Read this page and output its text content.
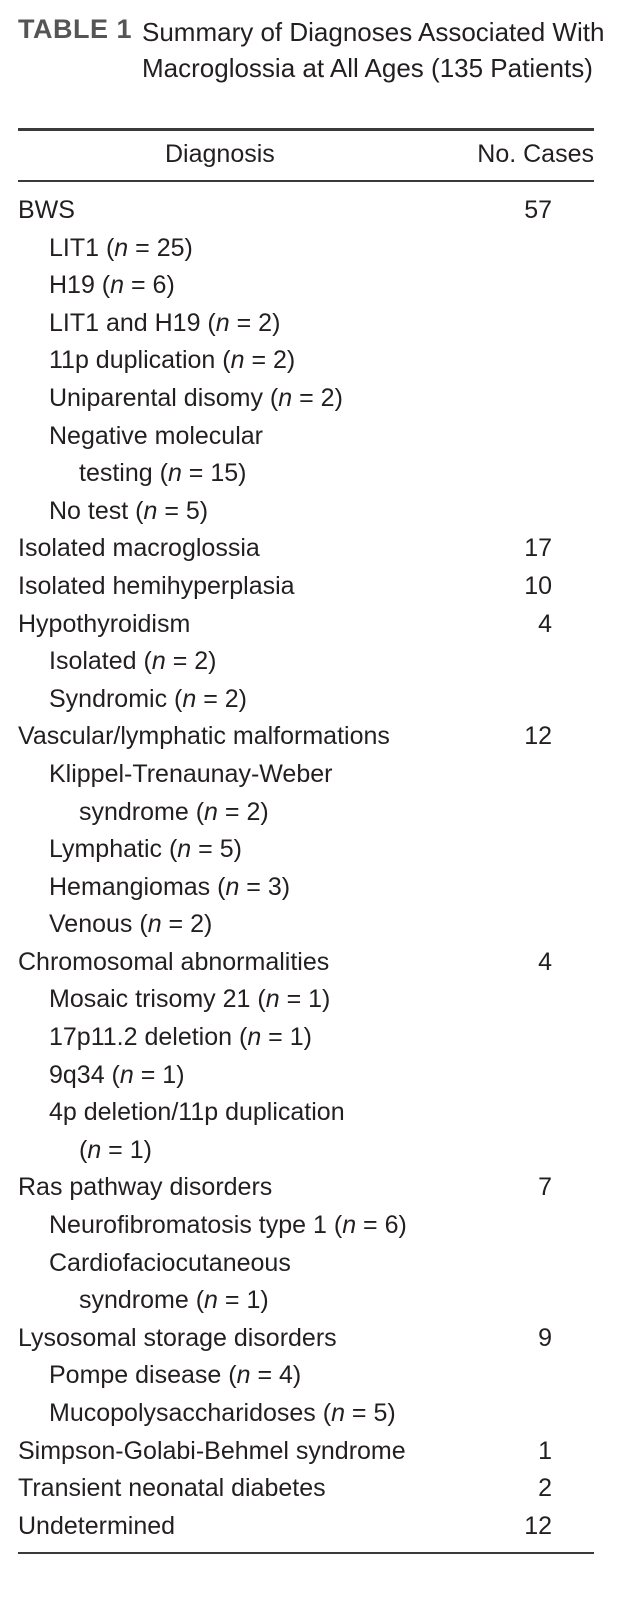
TABLE 1 Summary of Diagnoses Associated With Macroglossia at All Ages (135 Patients)
Diagnosis	No. Cases
BWS	57
LIT1 (n = 25)
H19 (n = 6)
LIT1 and H19 (n = 2)
11p duplication (n = 2)
Uniparental disomy (n = 2)
Negative molecular
testing (n = 15)
No test (n = 5)
Isolated macroglossia	17
Isolated hemihyperplasia	10
Hypothyroidism	4
Isolated (n = 2)
Syndromic (n = 2)
Vascular/lymphatic malformations	12
Klippel-Trenaunay-Weber
syndrome (n = 2)
Lymphatic (n = 5)
Hemangiomas (n = 3)
Venous (n = 2)
Chromosomal abnormalities	4
Mosaic trisomy 21 (n = 1)
17p11.2 deletion (n = 1)
9q34 (n = 1)
4p deletion/11p duplication
(n = 1)
Ras pathway disorders	7
Neurofibromatosis type 1 (n = 6)
Cardiofaciocutaneous
syndrome (n = 1)
Lysosomal storage disorders	9
Pompe disease (n = 4)
Mucopolysaccharidoses (n = 5)
Simpson-Golabi-Behmel syndrome	1
Transient neonatal diabetes	2
Undetermined	12
